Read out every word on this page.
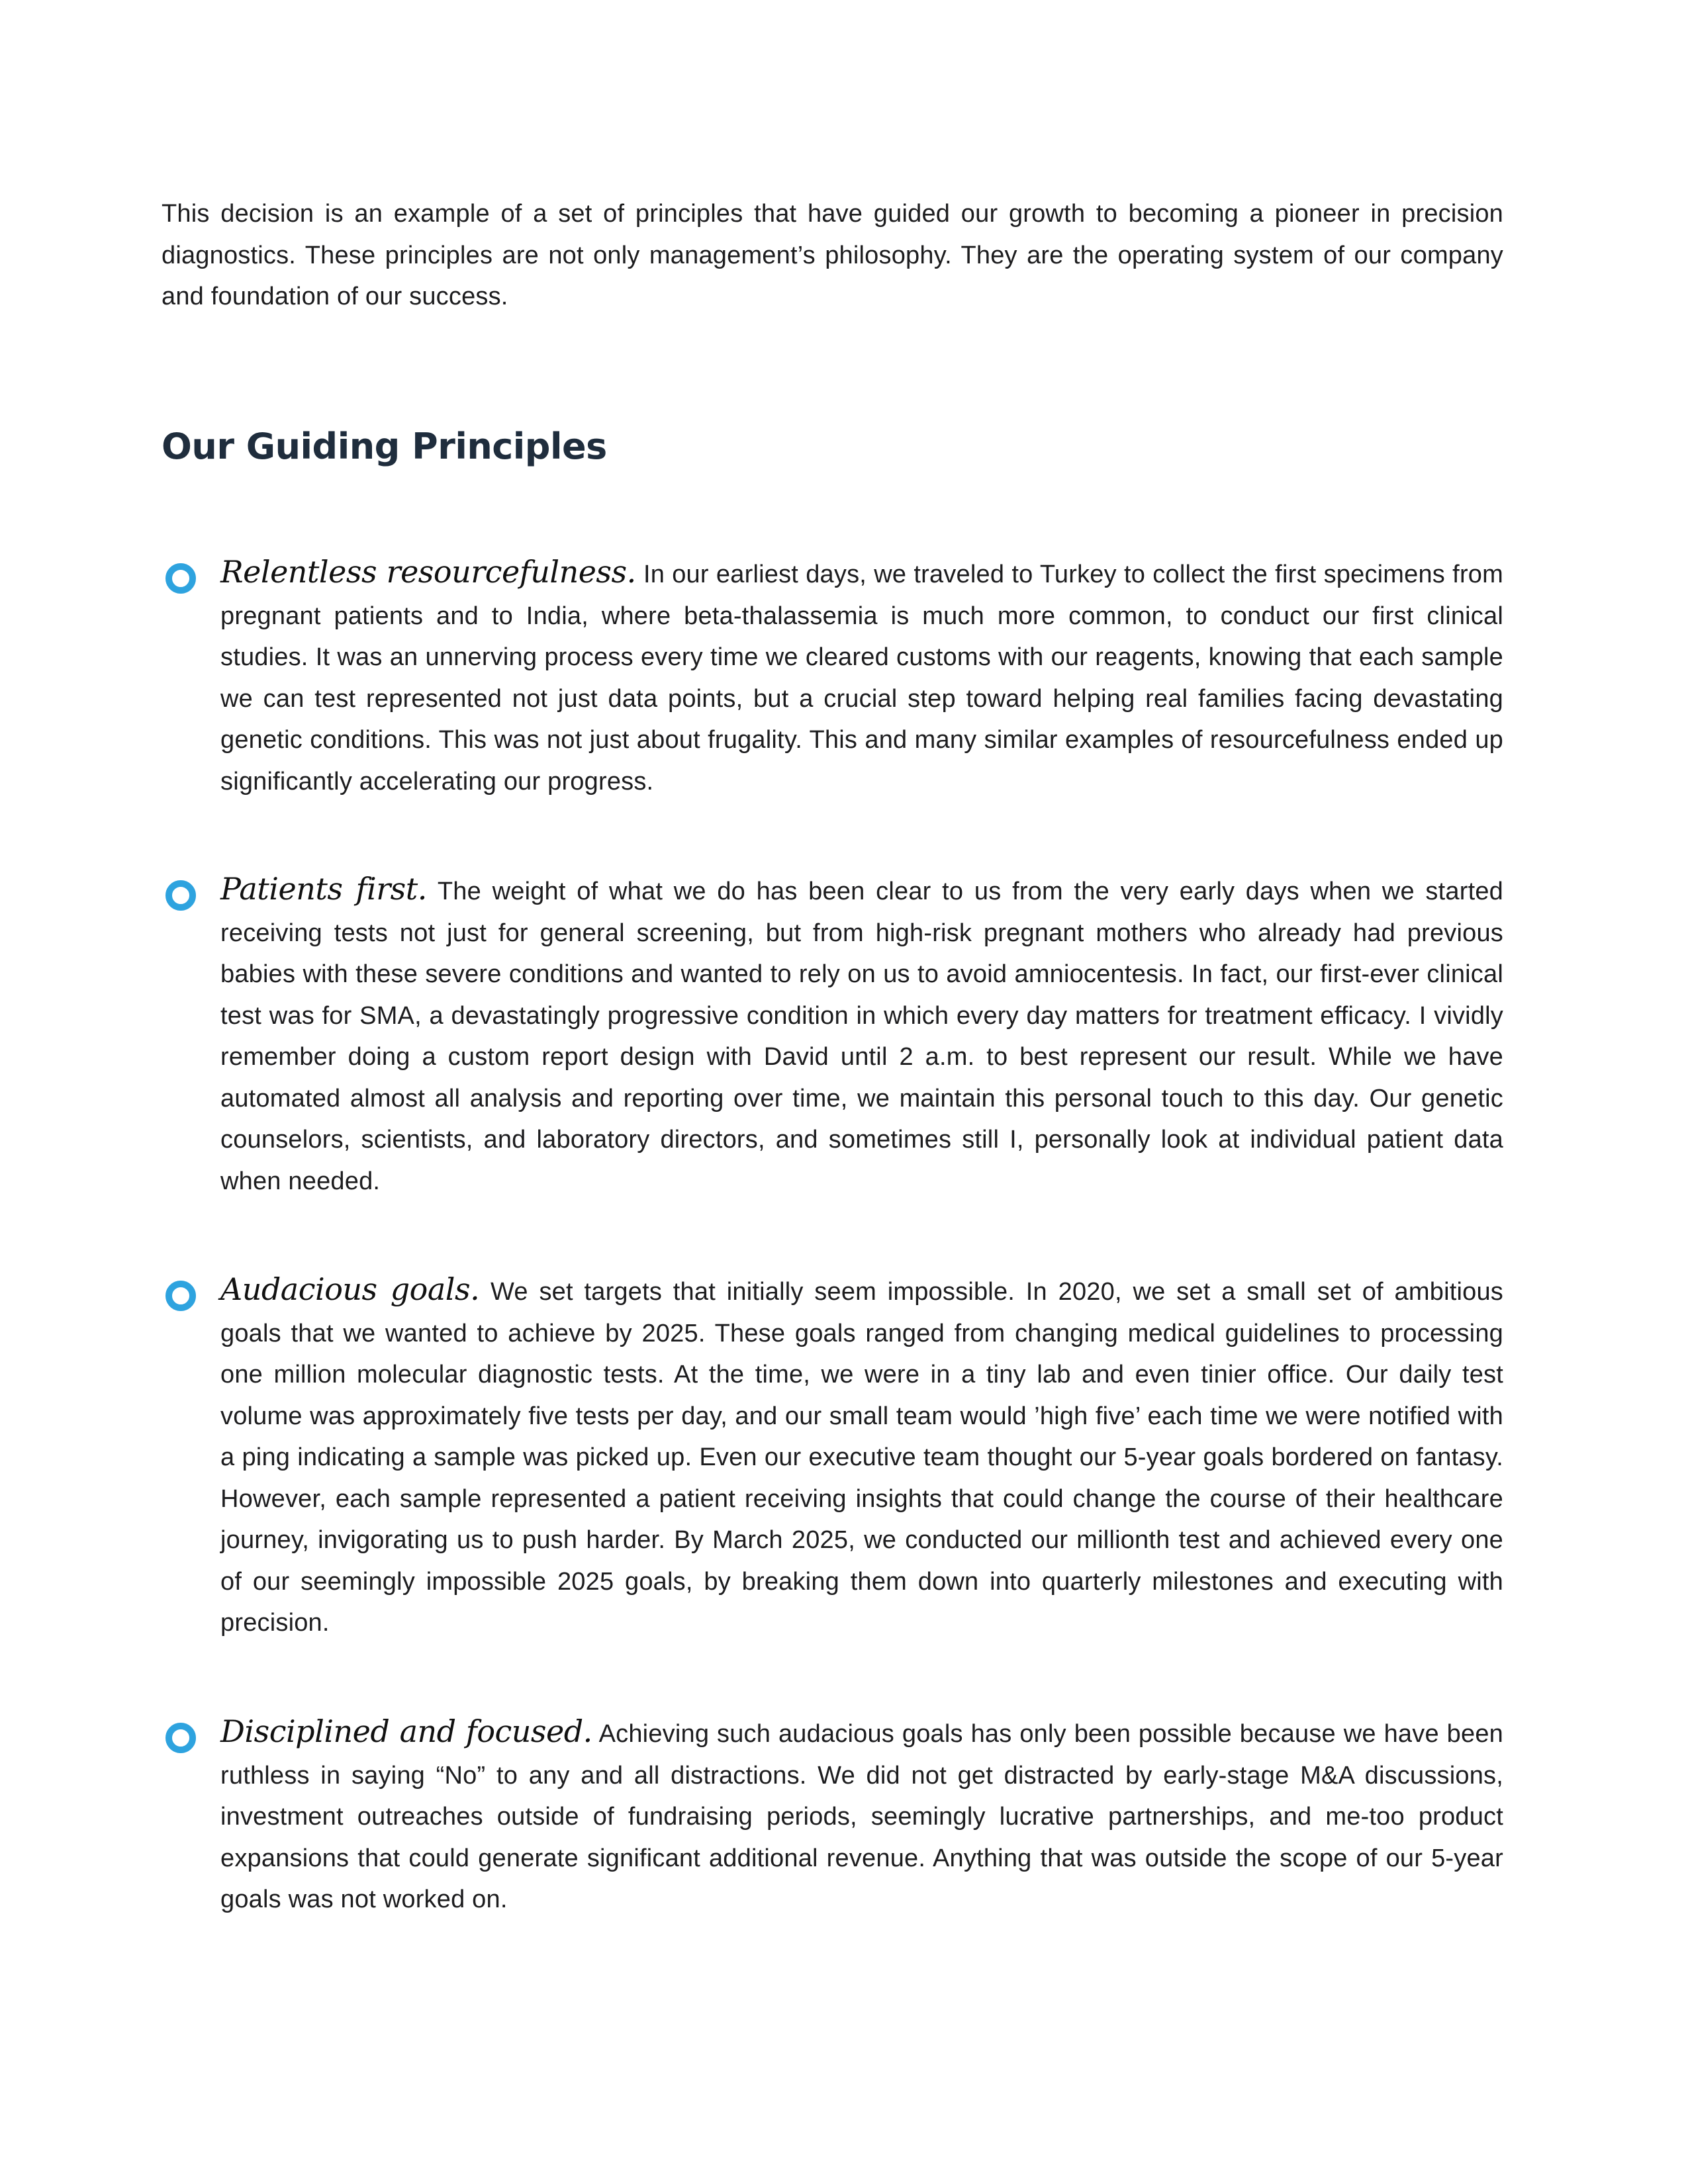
This decision is an example of a set of principles that have guided our growth to becoming a pioneer in precision diagnostics. These principles are not only management’s philosophy. They are the operating system of our company and foundation of our success.

Our Guiding Principles

Relentless resourcefulness. In our earliest days, we traveled to Turkey to collect the first specimens from pregnant patients and to India, where beta-thalassemia is much more common, to conduct our first clinical studies. It was an unnerving process every time we cleared customs with our reagents, knowing that each sample we can test represented not just data points, but a crucial step toward helping real families facing devastating genetic conditions. This was not just about frugality. This and many similar examples of resourcefulness ended up significantly accelerating our progress.

Patients first. The weight of what we do has been clear to us from the very early days when we started receiving tests not just for general screening, but from high-risk pregnant mothers who already had previous babies with these severe conditions and wanted to rely on us to avoid amniocentesis. In fact, our first-ever clinical test was for SMA, a devastatingly progressive condition in which every day matters for treatment efficacy. I vividly remember doing a custom report design with David until 2 a.m. to best represent our result. While we have automated almost all analysis and reporting over time, we maintain this personal touch to this day. Our genetic counselors, scientists, and laboratory directors, and sometimes still I, personally look at individual patient data when needed.

Audacious goals. We set targets that initially seem impossible. In 2020, we set a small set of ambitious goals that we wanted to achieve by 2025. These goals ranged from changing medical guidelines to processing one million molecular diagnostic tests. At the time, we were in a tiny lab and even tinier office. Our daily test volume was approximately five tests per day, and our small team would ’high five’ each time we were notified with a ping indicating a sample was picked up. Even our executive team thought our 5-year goals bordered on fantasy. However, each sample represented a patient receiving insights that could change the course of their healthcare journey, invigorating us to push harder. By March 2025, we conducted our millionth test and achieved every one of our seemingly impossible 2025 goals, by breaking them down into quarterly milestones and executing with precision.

Disciplined and focused. Achieving such audacious goals has only been possible because we have been ruthless in saying “No” to any and all distractions. We did not get distracted by early-stage M&A discussions, investment outreaches outside of fundraising periods, seemingly lucrative partnerships, and me-too product expansions that could generate significant additional revenue. Anything that was outside the scope of our 5-year goals was not worked on.
